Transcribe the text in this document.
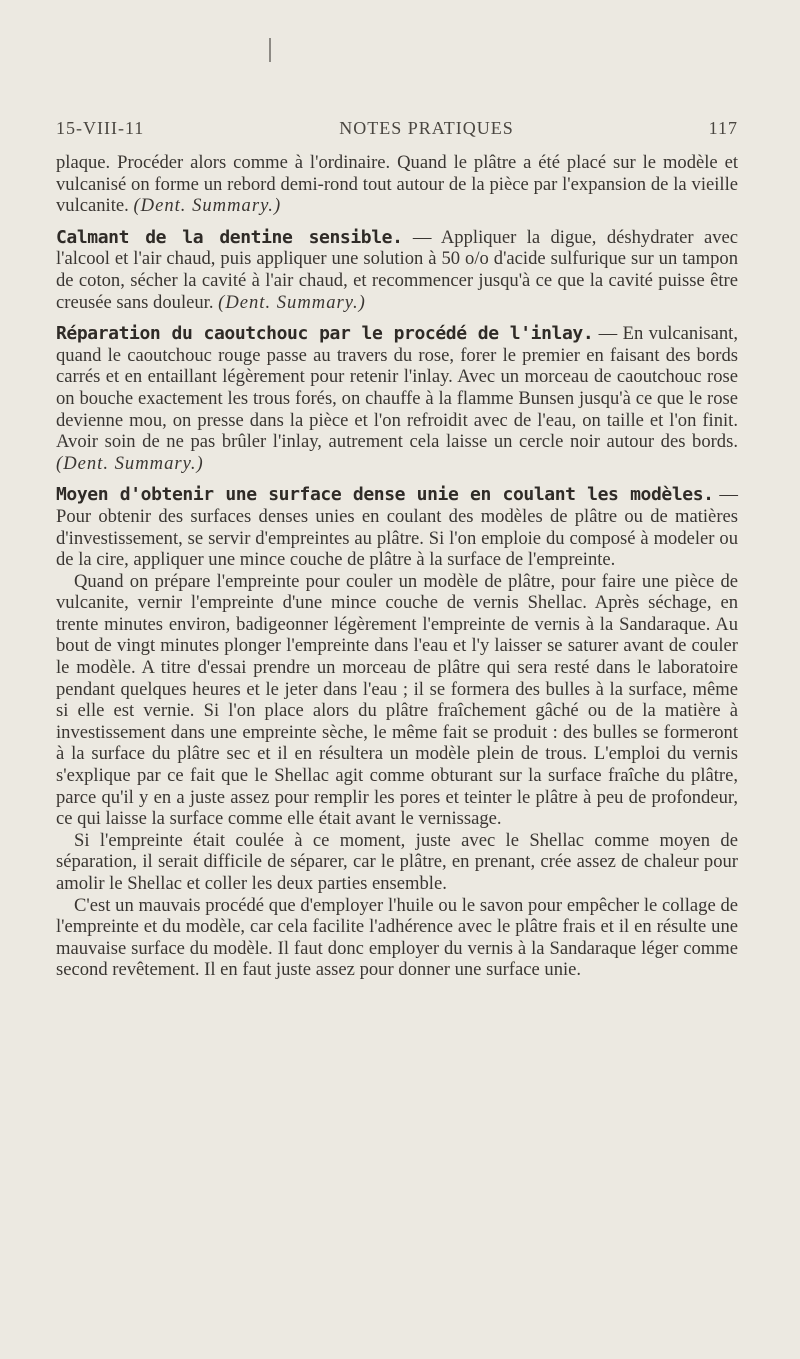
15-VIII-11	NOTES PRATIQUES	117

plaque. Procéder alors comme à l'ordinaire. Quand le plâtre a été placé sur le modèle et vulcanisé on forme un rebord demi-rond tout autour de la pièce par l'expansion de la vieille vulcanite. (Dent. Summary.)

Calmant de la dentine sensible. — Appliquer la digue, déshydrater avec l'alcool et l'air chaud, puis appliquer une solution à 50 o/o d'acide sulfurique sur un tampon de coton, sécher la cavité à l'air chaud, et recommencer jusqu'à ce que la cavité puisse être creusée sans douleur. (Dent. Summary.)

Réparation du caoutchouc par le procédé de l'inlay. — En vulcanisant, quand le caoutchouc rouge passe au travers du rose, forer le premier en faisant des bords carrés et en entaillant légèrement pour retenir l'inlay. Avec un morceau de caoutchouc rose on bouche exactement les trous forés, on chauffe à la flamme Bunsen jusqu'à ce que le rose devienne mou, on presse dans la pièce et l'on refroidit avec de l'eau, on taille et l'on finit. Avoir soin de ne pas brûler l'inlay, autrement cela laisse un cercle noir autour des bords. (Dent. Summary.)

Moyen d'obtenir une surface dense unie en coulant les modèles. — Pour obtenir des surfaces denses unies en coulant des modèles de plâtre ou de matières d'investissement, se servir d'empreintes au plâtre. Si l'on emploie du composé à modeler ou de la cire, appliquer une mince couche de plâtre à la surface de l'empreinte.

Quand on prépare l'empreinte pour couler un modèle de plâtre, pour faire une pièce de vulcanite, vernir l'empreinte d'une mince couche de vernis Shellac. Après séchage, en trente minutes environ, badigeonner légèrement l'empreinte de vernis à la Sandaraque. Au bout de vingt minutes plonger l'empreinte dans l'eau et l'y laisser se saturer avant de couler le modèle. A titre d'essai prendre un morceau de plâtre qui sera resté dans le laboratoire pendant quelques heures et le jeter dans l'eau ; il se formera des bulles à la surface, même si elle est vernie. Si l'on place alors du plâtre fraîchement gâché ou de la matière à investissement dans une empreinte sèche, le même fait se produit : des bulles se formeront à la surface du plâtre sec et il en résultera un modèle plein de trous. L'emploi du vernis s'explique par ce fait que le Shellac agit comme obturant sur la surface fraîche du plâtre, parce qu'il y en a juste assez pour remplir les pores et teinter le plâtre à peu de profondeur, ce qui laisse la surface comme elle était avant le vernissage.

Si l'empreinte était coulée à ce moment, juste avec le Shellac comme moyen de séparation, il serait difficile de séparer, car le plâtre, en prenant, crée assez de chaleur pour amolir le Shellac et coller les deux parties ensemble.

C'est un mauvais procédé que d'employer l'huile ou le savon pour empêcher le collage de l'empreinte et du modèle, car cela facilite l'adhérence avec le plâtre frais et il en résulte une mauvaise surface du modèle. Il faut donc employer du vernis à la Sandaraque léger comme second revêtement. Il en faut juste assez pour donner une surface unie.
